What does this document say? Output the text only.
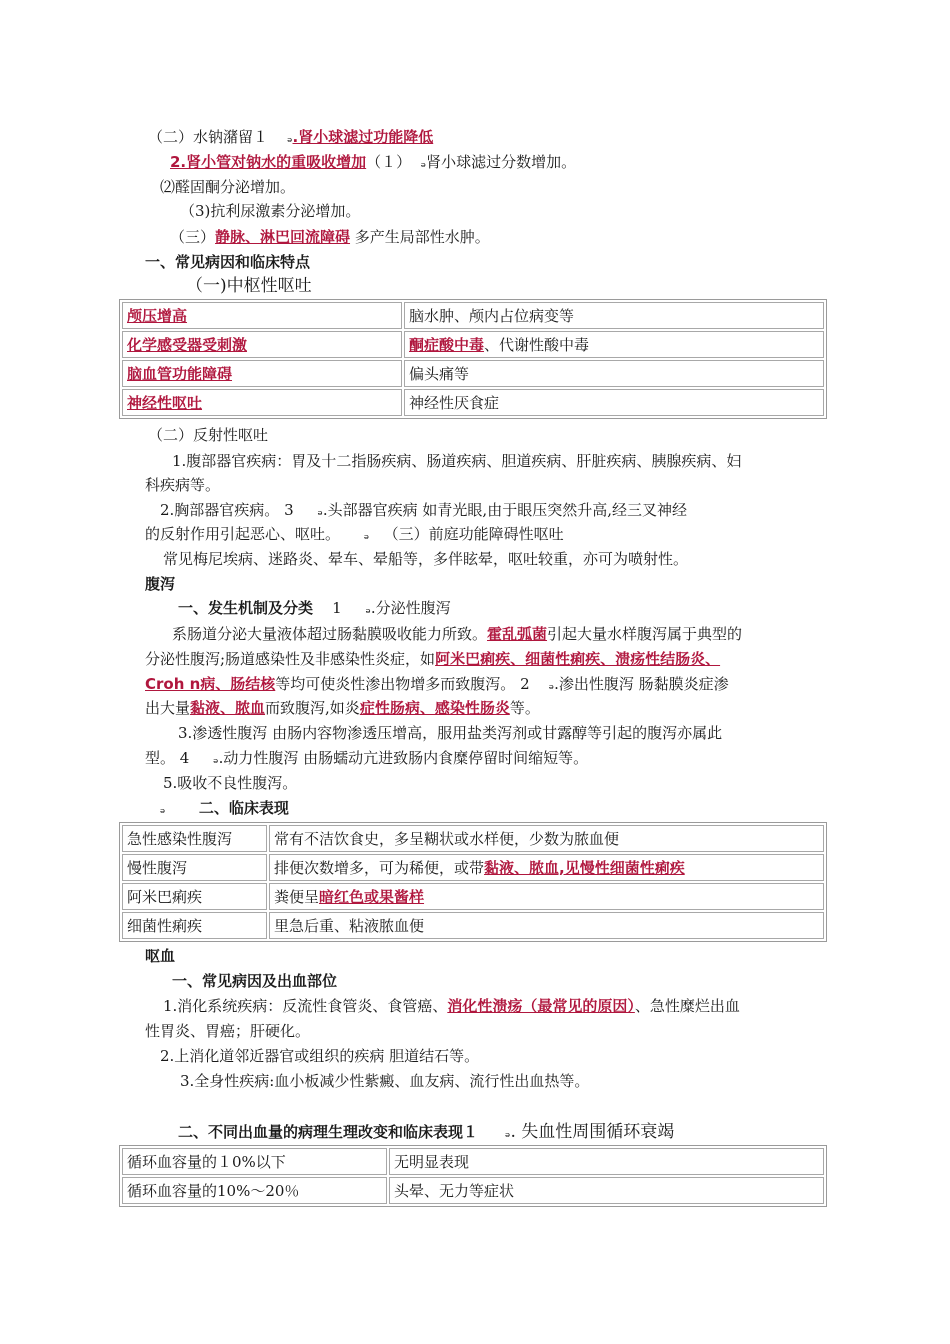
（二）水钠潴留１ ₔ.肾小球滤过功能降低
2.肾小管对钠水的重吸收增加（１） ₔ肾小球滤过分数增加。
⑵醛固酮分泌增加。
（3)抗利尿激素分泌增加。
（三）静脉、淋巴回流障碍 多产生局部性水肿。
一、常见病因和临床特点
（一)中枢性呕吐
颅压增高	脑水肿、颅内占位病变等
化学感受器受刺激	酮症酸中毒、代谢性酸中毒
脑血管功能障碍	偏头痛等
神经性呕吐	神经性厌食症
（二）反射性呕吐
1.腹部器官疾病：胃及十二指肠疾病、肠道疾病、胆道疾病、肝脏疾病、胰腺疾病、妇
科疾病等。
2.胸部器官疾病。 3 ₔ.头部器官疾病 如青光眼,由于眼压突然升高,经三叉神经
的反射作用引起恶心、呕吐。 ₔ （三）前庭功能障碍性呕吐
常见梅尼埃病、迷路炎、晕车、晕船等，多伴眩晕，呕吐较重，亦可为喷射性。
腹泻
一、发生机制及分类 1 ₔ.分泌性腹泻
系肠道分泌大量液体超过肠黏膜吸收能力所致。霍乱弧菌引起大量水样腹泻属于典型的
分泌性腹泻;肠道感染性及非感染性炎症，如阿米巴痢疾、细菌性痢疾、溃疡性结肠炎、
Croh n病、肠结核等均可使炎性渗出物增多而致腹泻。 2 ₔ.渗出性腹泻 肠黏膜炎症渗
出大量黏液、脓血而致腹泻,如炎症性肠病、感染性肠炎等。
3.渗透性腹泻 由肠内容物渗透压增高，服用盐类泻剂或甘露醇等引起的腹泻亦属此
型。 4 ₔ.动力性腹泻 由肠蠕动亢进致肠内食糜停留时间缩短等。
5.吸收不良性腹泻。
ₔ 二、临床表现
急性感染性腹泻	常有不洁饮食史，多呈糊状或水样便，少数为脓血便
慢性腹泻	排便次数增多，可为稀便，或带黏液、脓血,见慢性细菌性痢疾
阿米巴痢疾	粪便呈暗红色或果酱样
细菌性痢疾	里急后重、粘液脓血便
呕血
一、常见病因及出血部位
1.消化系统疾病：反流性食管炎、食管癌、消化性溃疡（最常见的原因）、急性糜烂出血
性胃炎、胃癌；肝硬化。
2.上消化道邻近器官或组织的疾病 胆道结石等。
3.全身性疾病:血小板减少性紫癜、血友病、流行性出血热等。
二、不同出血量的病理生理改变和临床表现１ ₔ. 失血性周围循环衰竭
循环血容量的１0%以下	无明显表现
循环血容量的10%～20％	头晕、无力等症状
